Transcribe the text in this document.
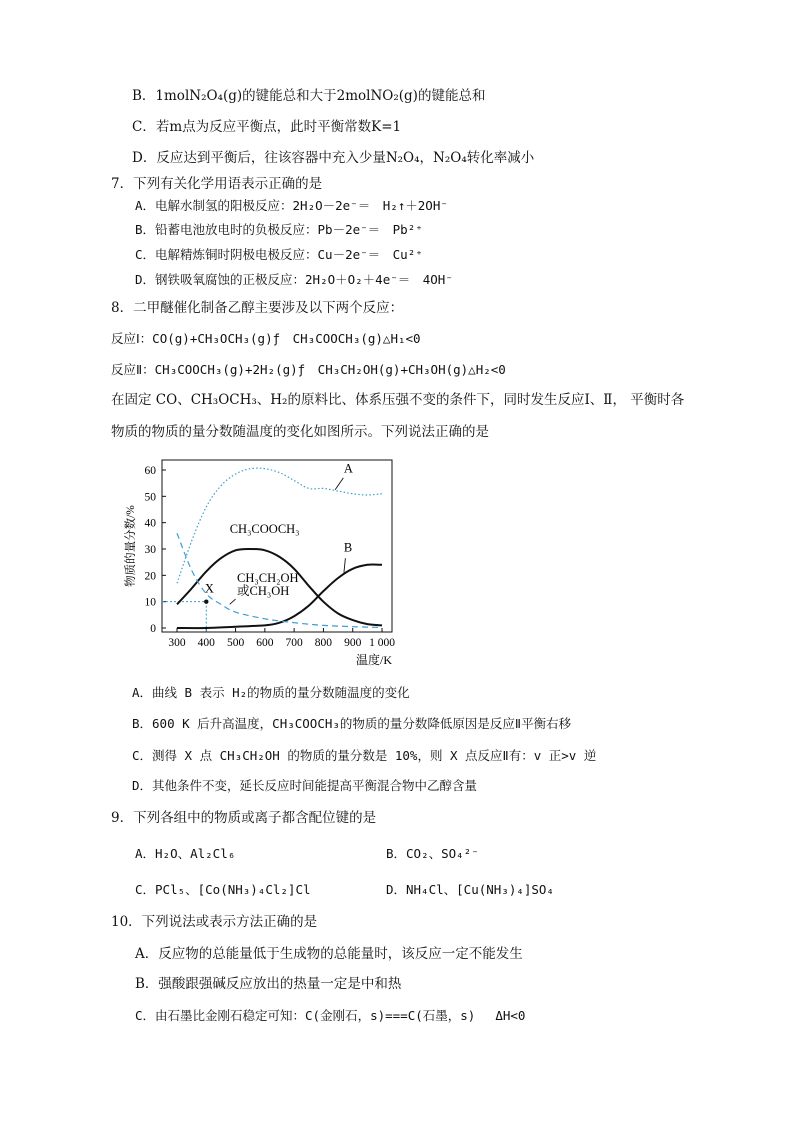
B．1molN₂O₄(g)的键能总和大于2molNO₂(g)的键能总和
C．若m点为反应平衡点，此时平衡常数K=1
D．反应达到平衡后，往该容器中充入少量N₂O₄，N₂O₄转化率减小
7．下列有关化学用语表示正确的是
A．电解水制氢的阳极反应：2H₂O－2e⁻＝　H₂↑＋2OH⁻
B．铅蓄电池放电时的负极反应：Pb－2e⁻＝　Pb²⁺
C．电解精炼铜时阴极电极反应：Cu－2e⁻＝　Cu²⁺
D．钢铁吸氧腐蚀的正极反应：2H₂O＋O₂＋4e⁻＝　4OH⁻
8．二甲醚催化制备乙醇主要涉及以下两个反应：
反应Ⅰ：CO(g)+CH₃OCH₃(g)ƒ　CH₃COOCH₃(g)△H₁<0
反应Ⅱ：CH₃COOCH₃(g)+2H₂(g)ƒ　CH₃CH₂OH(g)+CH₃OH(g)△H₂<0
在固定 CO、CH₃OCH₃、H₂的原料比、体系压强不变的条件下，同时发生反应Ⅰ、Ⅱ， 平衡时各
物质的物质的量分数随温度的变化如图所示。下列说法正确的是
300 400 500 600 700 800 900 1 000
0
10
20
30
40
50
60	A
CH₃COOCH₃
B
CH₃CH₂OH
或CH₃OH
X
物质的量分数/%
温度/K
A．曲线 B 表示 H₂的物质的量分数随温度的变化
B．600 K 后升高温度，CH₃COOCH₃的物质的量分数降低原因是反应Ⅱ平衡右移
C．测得 X 点 CH₃CH₂OH 的物质的量分数是 10%，则 X 点反应Ⅱ有：v 正>v 逆
D．其他条件不变，延长反应时间能提高平衡混合物中乙醇含量
9．下列各组中的物质或离子都含配位键的是
A．H₂O、Al₂Cl₆	B．CO₂、SO₄²⁻
C．PCl₅、[Co(NH₃)₄Cl₂]Cl	D．NH₄Cl、[Cu(NH₃)₄]SO₄
10．下列说法或表示方法正确的是
A．反应物的总能量低于生成物的总能量时，该反应一定不能发生
B．强酸跟强碱反应放出的热量一定是中和热
C．由石墨比金刚石稳定可知：C(金刚石，s)===C(石墨，s)　 ΔH<0
